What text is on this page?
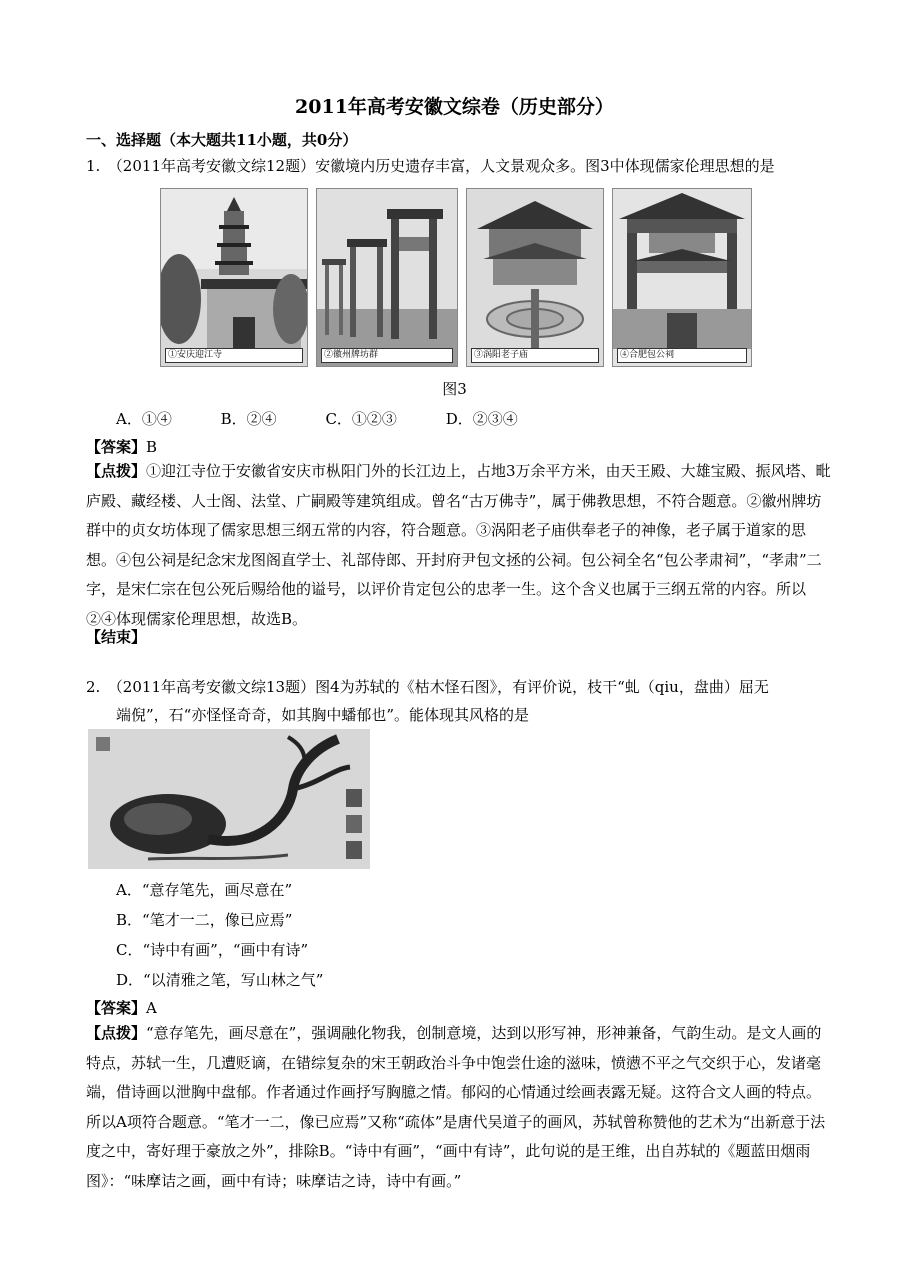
2011年高考安徽文综卷（历史部分）
一、选择题（本大题共11小题，共0分）
1.　（2011年高考安徽文综12题）安徽境内历史遗存丰富，人文景观众多。图3中体现儒家伦理思想的是
①安庆迎江寺	②徽州牌坊群	③涡阳老子庙	④合肥包公祠
图3
A．①④	B．②④	C．①②③	D．②③④
【答案】B
【点拨】①迎江寺位于安徽省安庆市枞阳门外的长江边上，占地3万余平方米，由天王殿、大雄宝殿、振风塔、毗庐殿、藏经楼、人士阁、法堂、广嗣殿等建筑组成。曾名“古万佛寺”，属于佛教思想，不符合题意。②徽州牌坊群中的贞女坊体现了儒家思想三纲五常的内容，符合题意。③涡阳老子庙供奉老子的神像，老子属于道家的思想。④包公祠是纪念宋龙图阁直学士、礼部侍郎、开封府尹包文拯的公祠。包公祠全名“包公孝肃祠”，“孝肃”二字，是宋仁宗在包公死后赐给他的谥号，以评价肯定包公的忠孝一生。这个含义也属于三纲五常的内容。所以②④体现儒家伦理思想，故选B。
【结束】
2.　（2011年高考安徽文综13题）图4为苏轼的《枯木怪石图》，有评价说，枝干“虬（qiu，盘曲）屈无
端倪”，石“亦怪怪奇奇，如其胸中蟠郁也”。能体现其风格的是
A．“意存笔先，画尽意在”
B．“笔才一二，像已应焉”
C．“诗中有画”，“画中有诗”
D．“以清雅之笔，写山林之气”
【答案】A
【点拨】“意存笔先，画尽意在”，强调融化物我，创制意境，达到以形写神，形神兼备，气韵生动。是文人画的特点，苏轼一生，几遭贬谪，在错综复杂的宋王朝政治斗争中饱尝仕途的滋味，愤懑不平之气交织于心，发诸毫端，借诗画以泄胸中盘郁。作者通过作画抒写胸臆之情。郁闷的心情通过绘画表露无疑。这符合文人画的特点。所以A项符合题意。“笔才一二，像已应焉”又称“疏体”是唐代吴道子的画风，苏轼曾称赞他的艺术为“出新意于法度之中，寄好理于豪放之外”，排除B。“诗中有画”，“画中有诗”，此句说的是王维，出自苏轼的《题蓝田烟雨图》：“味摩诘之画，画中有诗；味摩诘之诗，诗中有画。”
